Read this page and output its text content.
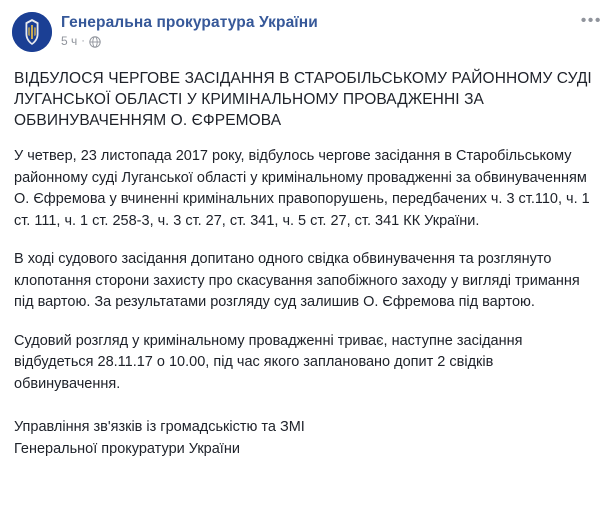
Генеральна прокуратура України
5 ч ·
•••
ВІДБУЛОСЯ ЧЕРГОВЕ ЗАСІДАННЯ В СТАРОБІЛЬСЬКОМУ РАЙОННОМУ СУДІ ЛУГАНСЬКОЇ ОБЛАСТІ У КРИМІНАЛЬНОМУ ПРОВАДЖЕННІ ЗА ОБВИНУВАЧЕННЯМ О. ЄФРЕМОВА

У четвер, 23 листопада 2017 року, відбулось чергове засідання в Старобільському районному суді Луганської області у кримінальному провадженні за обвинуваченням О. Єфремова у вчиненні кримінальних правопорушень, передбачених ч. 3 ст.110, ч. 1 ст. 111, ч. 1 ст. 258-3, ч. 3 ст. 27, ст. 341, ч. 5 ст. 27, ст. 341 КК України.

В ході судового засідання допитано одного свідка обвинувачення та розглянуто клопотання сторони захисту про скасування запобіжного заходу у вигляді тримання під вартою. За результатами розгляду суд залишив О. Єфремова під вартою.

Судовий розгляд у кримінальному провадженні триває, наступне засідання відбудеться 28.11.17 о 10.00, під час якого заплановано допит 2 свідків обвинувачення.

Управління зв'язків із громадськістю та ЗМІ
Генеральної прокуратури України
